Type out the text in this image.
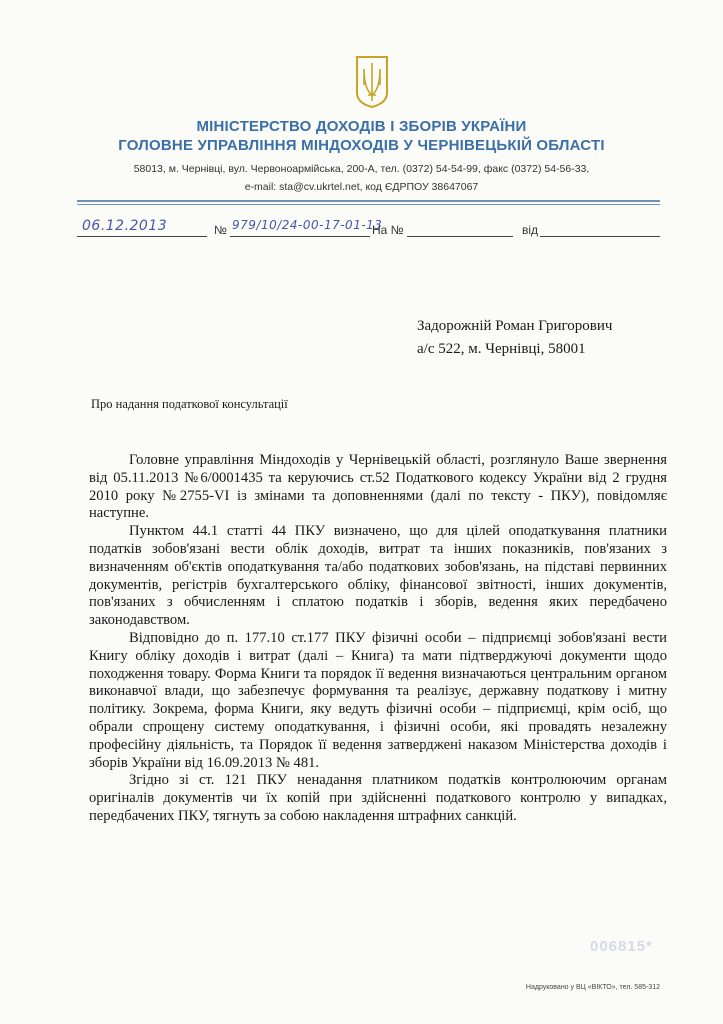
МІНІСТЕРСТВО ДОХОДІВ І ЗБОРІВ УКРАЇНИ
ГОЛОВНЕ УПРАВЛІННЯ МІНДОХОДІВ У ЧЕРНІВЕЦЬКІЙ ОБЛАСТІ
58013, м. Чернівці, вул. Червоноармійська, 200-А, тел. (0372) 54-54-99, факс (0372) 54-56-33,
e-mail: sta@cv.ukrtel.net, код ЄДРПОУ 38647067
06.12.2013	№ 979/10/24-00-17-01-13
На №	від
Задорожній Роман Григорович
а/с 522, м. Чернівці, 58001
Про надання податкової консультації

Головне управління Міндоходів у Чернівецькій області, розглянуло Ваше звернення від 05.11.2013 №6/0001435 та керуючись ст.52 Податкового кодексу України від 2 грудня 2010 року №2755-VI із змінами та доповненнями (далі по тексту - ПКУ), повідомляє наступне.

Пунктом 44.1 статті 44 ПКУ визначено, що для цілей оподаткування платники податків зобов'язані вести облік доходів, витрат та інших показників, пов'язаних з визначенням об'єктів оподаткування та/або податкових зобов'язань, на підставі первинних документів, регістрів бухгалтерського обліку, фінансової звітності, інших документів, пов'язаних з обчисленням і сплатою податків і зборів, ведення яких передбачено законодавством.

Відповідно до п. 177.10 ст.177 ПКУ фізичні особи – підприємці зобов'язані вести Книгу обліку доходів і витрат (далі – Книга) та мати підтверджуючі документи щодо походження товару. Форма Книги та порядок її ведення визначаються центральним органом виконавчої влади, що забезпечує формування та реалізує, державну податкову і митну політику. Зокрема, форма Книги, яку ведуть фізичні особи – підприємці, крім осіб, що обрали спрощену систему оподаткування, і фізичні особи, які провадять незалежну професійну діяльність, та Порядок її ведення затверджені наказом Міністерства доходів і зборів України від 16.09.2013 № 481.

Згідно зі ст. 121 ПКУ ненадання платником податків контролюючим органам оригіналів документів чи їх копій при здійсненні податкового контролю у випадках, передбачених ПКУ, тягнуть за собою накладення штрафних санкцій.

006815*
Надруковано у ВЦ «ВІКТО», тел. 585-312
